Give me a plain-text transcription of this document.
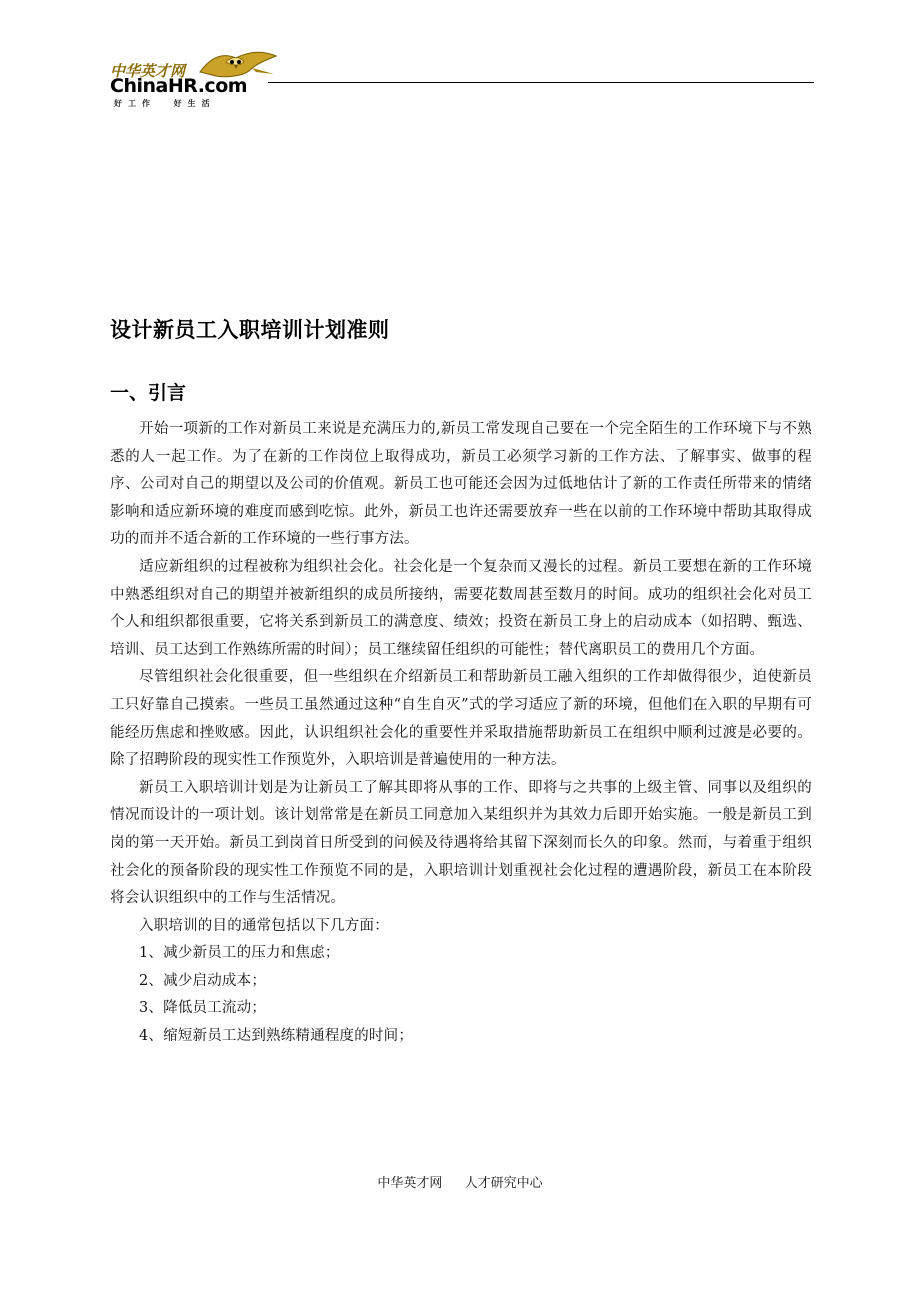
中华英才网
ChinaHR.com
好工作  好生活
设计新员工入职培训计划准则
一、引言

开始一项新的工作对新员工来说是充满压力的,新员工常发现自己要在一个完全陌生的工作环境下与不熟悉的人一起工作。为了在新的工作岗位上取得成功，新员工必须学习新的工作方法、了解事实、做事的程序、公司对自己的期望以及公司的价值观。新员工也可能还会因为过低地估计了新的工作责任所带来的情绪影响和适应新环境的难度而感到吃惊。此外，新员工也许还需要放弃一些在以前的工作环境中帮助其取得成功的而并不适合新的工作环境的一些行事方法。

适应新组织的过程被称为组织社会化。社会化是一个复杂而又漫长的过程。新员工要想在新的工作环境中熟悉组织对自己的期望并被新组织的成员所接纳，需要花数周甚至数月的时间。成功的组织社会化对员工个人和组织都很重要，它将关系到新员工的满意度、绩效；投资在新员工身上的启动成本（如招聘、甄选、培训、员工达到工作熟练所需的时间）；员工继续留任组织的可能性；替代离职员工的费用几个方面。

尽管组织社会化很重要，但一些组织在介绍新员工和帮助新员工融入组织的工作却做得很少，迫使新员工只好靠自己摸索。一些员工虽然通过这种“自生自灭”式的学习适应了新的环境，但他们在入职的早期有可能经历焦虑和挫败感。因此，认识组织社会化的重要性并采取措施帮助新员工在组织中顺利过渡是必要的。除了招聘阶段的现实性工作预览外，入职培训是普遍使用的一种方法。

新员工入职培训计划是为让新员工了解其即将从事的工作、即将与之共事的上级主管、同事以及组织的情况而设计的一项计划。该计划常常是在新员工同意加入某组织并为其效力后即开始实施。一般是新员工到岗的第一天开始。新员工到岗首日所受到的问候及待遇将给其留下深刻而长久的印象。然而，与着重于组织社会化的预备阶段的现实性工作预览不同的是，入职培训计划重视社会化过程的遭遇阶段，新员工在本阶段将会认识组织中的工作与生活情况。

入职培训的目的通常包括以下几方面：

1、减少新员工的压力和焦虑；

2、减少启动成本；

3、降低员工流动；

4、缩短新员工达到熟练精通程度的时间；

中华英才网 人才研究中心
